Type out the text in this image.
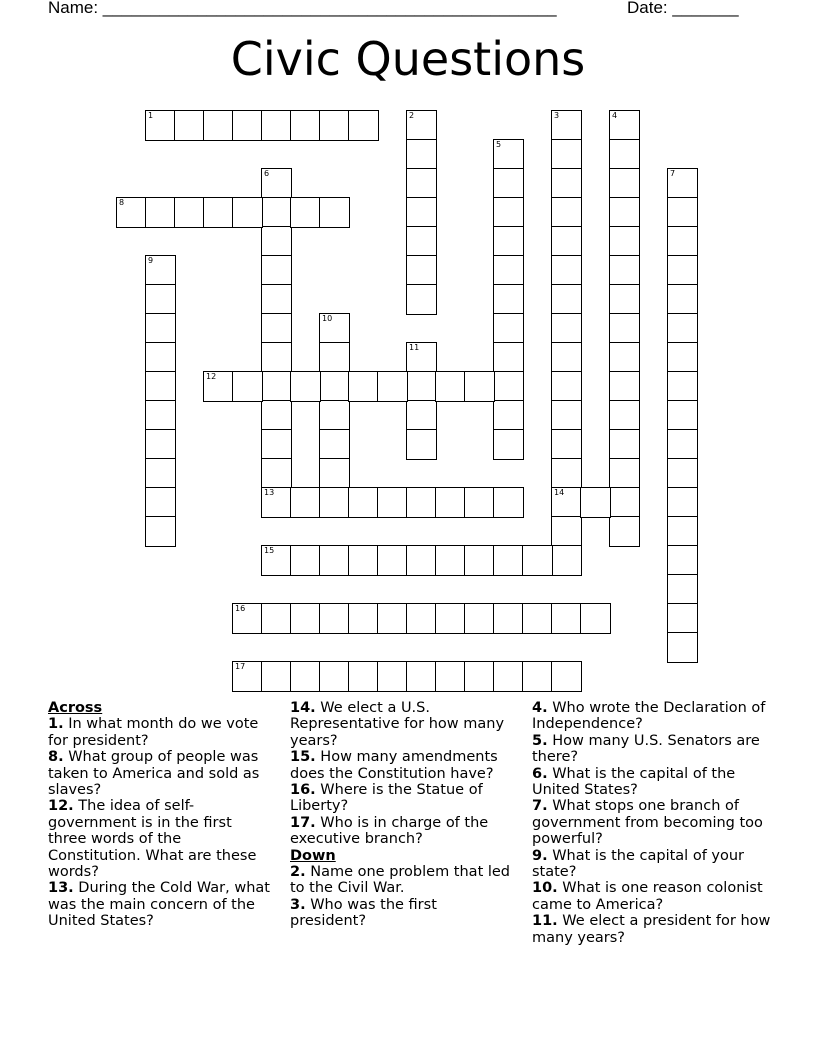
Name: ________________________________________________	Date: _______
Civic Questions
1	2	3
14
4
5
6
13
7
8
9
10
11
12
15
16
17
Across
1. In what month do we vote for president?
8. What group of people was taken to America and sold as slaves?
12. The idea of self-government is in the first three words of the Constitution. What are these words?
13. During the Cold War, what was the main concern of the United States?
14. We elect a U.S. Representative for how many years?
15. How many amendments does the Constitution have?
16. Where is the Statue of Liberty?
17. Who is in charge of the executive branch?
Down
2. Name one problem that led to the Civil War.
3. Who was the first president?
4. Who wrote the Declaration of Independence?
5. How many U.S. Senators are there?
6. What is the capital of the United States?
7. What stops one branch of government from becoming too powerful?
9. What is the capital of your state?
10. What is one reason colonist came to America?
11. We elect a president for how many years?
